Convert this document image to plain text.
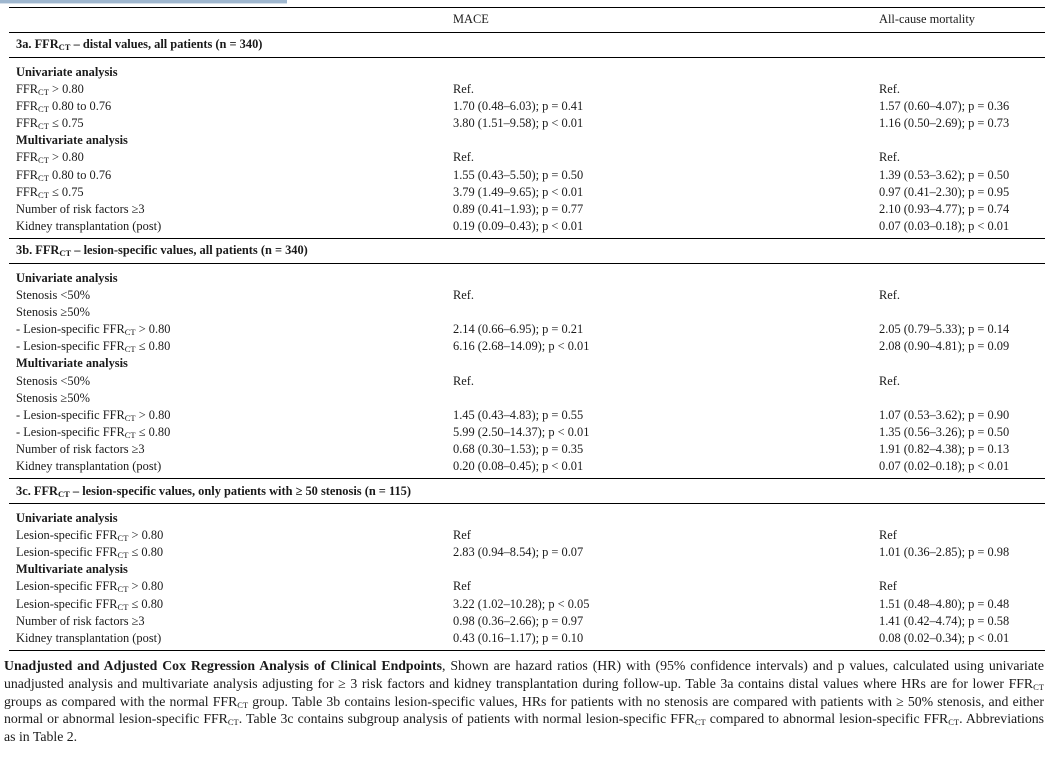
	MACE	All-cause mortality
3a. $FFR_{CT}$ – distal values, all patients (n = 340)		

Univariate analysis		
$FFR_{CT} > 0.80$	Ref.	Ref.
$FFR_{CT}$ 0.80 to 0.76	1.70 (0.48–6.03); p = 0.41	1.57 (0.60–4.07); p = 0.36
$FFR_{CT} \le 0.75$	3.80 (1.51–9.58); p < 0.01	1.16 (0.50–2.69); p = 0.73
Multivariate analysis		
$FFR_{CT} > 0.80$	Ref.	Ref.
$FFR_{CT}$ 0.80 to 0.76	1.55 (0.43–5.50); p = 0.50	1.39 (0.53–3.62); p = 0.50
$FFR_{CT} \le 0.75$	3.79 (1.49–9.65); p < 0.01	0.97 (0.41–2.30); p = 0.95
Number of risk factors ≥3	0.89 (0.41–1.93); p = 0.77	2.10 (0.93–4.77); p = 0.74
Kidney transplantation (post)	0.19 (0.09–0.43); p < 0.01	0.07 (0.03–0.18); p < 0.01
3b. $FFR_{CT}$ – lesion-specific values, all patients (n = 340)		

Univariate analysis		
Stenosis <50%	Ref.	Ref.
Stenosis ≥50%		
- Lesion-specific $FFR_{CT} > 0.80$	2.14 (0.66–6.95); p = 0.21	2.05 (0.79–5.33); p = 0.14
- Lesion-specific $FFR_{CT} \le 0.80$	6.16 (2.68–14.09); p < 0.01	2.08 (0.90–4.81); p = 0.09
Multivariate analysis		
Stenosis <50%	Ref.	Ref.
Stenosis ≥50%		
- Lesion-specific $FFR_{CT} > 0.80$	1.45 (0.43–4.83); p = 0.55	1.07 (0.53–3.62); p = 0.90
- Lesion-specific $FFR_{CT} \le 0.80$	5.99 (2.50–14.37); p < 0.01	1.35 (0.56–3.26); p = 0.50
Number of risk factors ≥3	0.68 (0.30–1.53); p = 0.35	1.91 (0.82–4.38); p = 0.13
Kidney transplantation (post)	0.20 (0.08–0.45); p < 0.01	0.07 (0.02–0.18); p < 0.01
3c. $FFR_{CT}$ – lesion-specific values, only patients with ≥ 50 stenosis (n = 115)		

Univariate analysis		
Lesion-specific $FFR_{CT} > 0.80$	Ref	Ref
Lesion-specific $FFR_{CT} \le 0.80$	2.83 (0.94–8.54); p = 0.07	1.01 (0.36–2.85); p = 0.98
Multivariate analysis		
Lesion-specific $FFR_{CT} > 0.80$	Ref	Ref
Lesion-specific $FFR_{CT} \le 0.80$	3.22 (1.02–10.28); p < 0.05	1.51 (0.48–4.80); p = 0.48
Number of risk factors ≥3	0.98 (0.36–2.66); p = 0.97	1.41 (0.42–4.74); p = 0.58
Kidney transplantation (post)	0.43 (0.16–1.17); p = 0.10	0.08 (0.02–0.34); p < 0.01
Unadjusted and Adjusted Cox Regression Analysis of Clinical Endpoints, Shown are hazard ratios (HR) with (95% confidence intervals) and p values, calculated using univariate unadjusted analysis and multivariate analysis adjusting for ≥ 3 risk factors and kidney transplantation during follow-up. Table 3a contains distal values where HRs are for lower $FFR_{CT}$ groups as compared with the normal $FFR_{CT}$ group. Table 3b contains lesion-specific values, HRs for patients with no stenosis are compared with patients with ≥ 50% stenosis, and either normal or abnormal lesion-specific $FFR_{CT}$. Table 3c contains subgroup analysis of patients with normal lesion-specific $FFR_{CT}$ compared to abnormal lesion-specific $FFR_{CT}$. Abbreviations as in Table 2.
